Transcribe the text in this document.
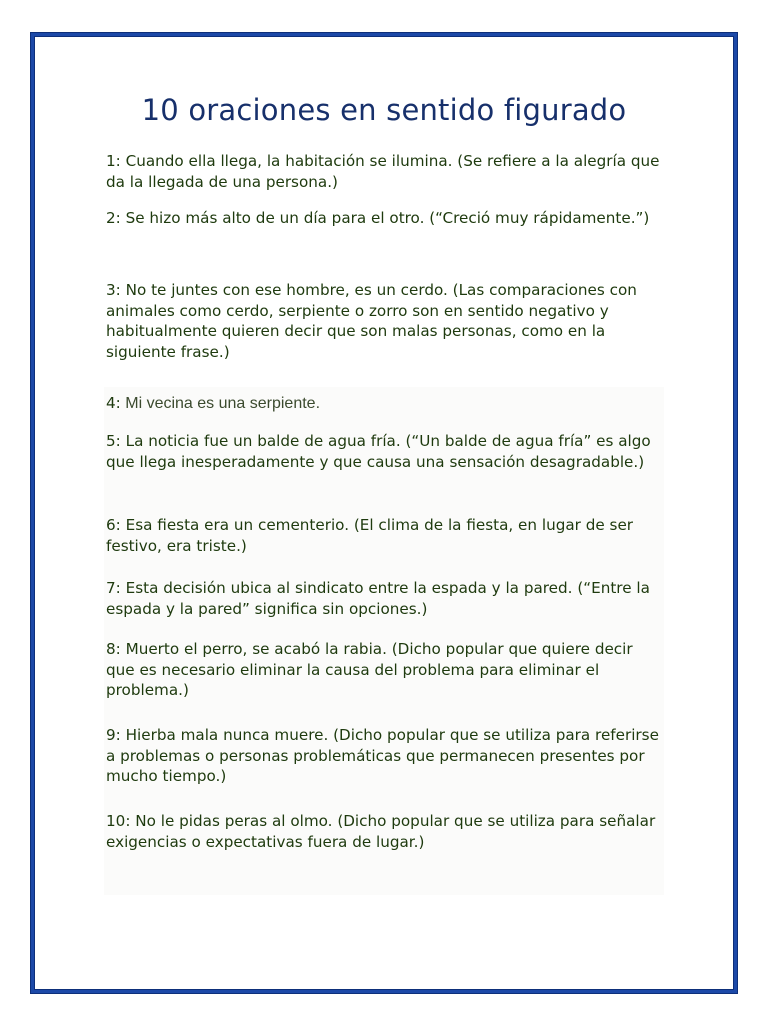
10 oraciones en sentido figurado
1: Cuando ella llega, la habitación se ilumina. (Se refiere a la alegría que da la llegada de una persona.)
2: Se hizo más alto de un día para el otro. (“Creció muy rápidamente.”)
3: No te juntes con ese hombre, es un cerdo. (Las comparaciones con animales como cerdo, serpiente o zorro son en sentido negativo y habitualmente quieren decir que son malas personas, como en la siguiente frase.)
4: Mi vecina es una serpiente.
5: La noticia fue un balde de agua fría. (“Un balde de agua fría” es algo que llega inesperadamente y que causa una sensación desagradable.)
6: Esa fiesta era un cementerio. (El clima de la fiesta, en lugar de ser festivo, era triste.)
7: Esta decisión ubica al sindicato entre la espada y la pared. (“Entre la espada y la pared” significa sin opciones.)
8: Muerto el perro, se acabó la rabia. (Dicho popular que quiere decir que es necesario eliminar la causa del problema para eliminar el problema.)
9: Hierba mala nunca muere. (Dicho popular que se utiliza para referirse a problemas o personas problemáticas que permanecen presentes por mucho tiempo.)
10: No le pidas peras al olmo. (Dicho popular que se utiliza para señalar exigencias o expectativas fuera de lugar.)
